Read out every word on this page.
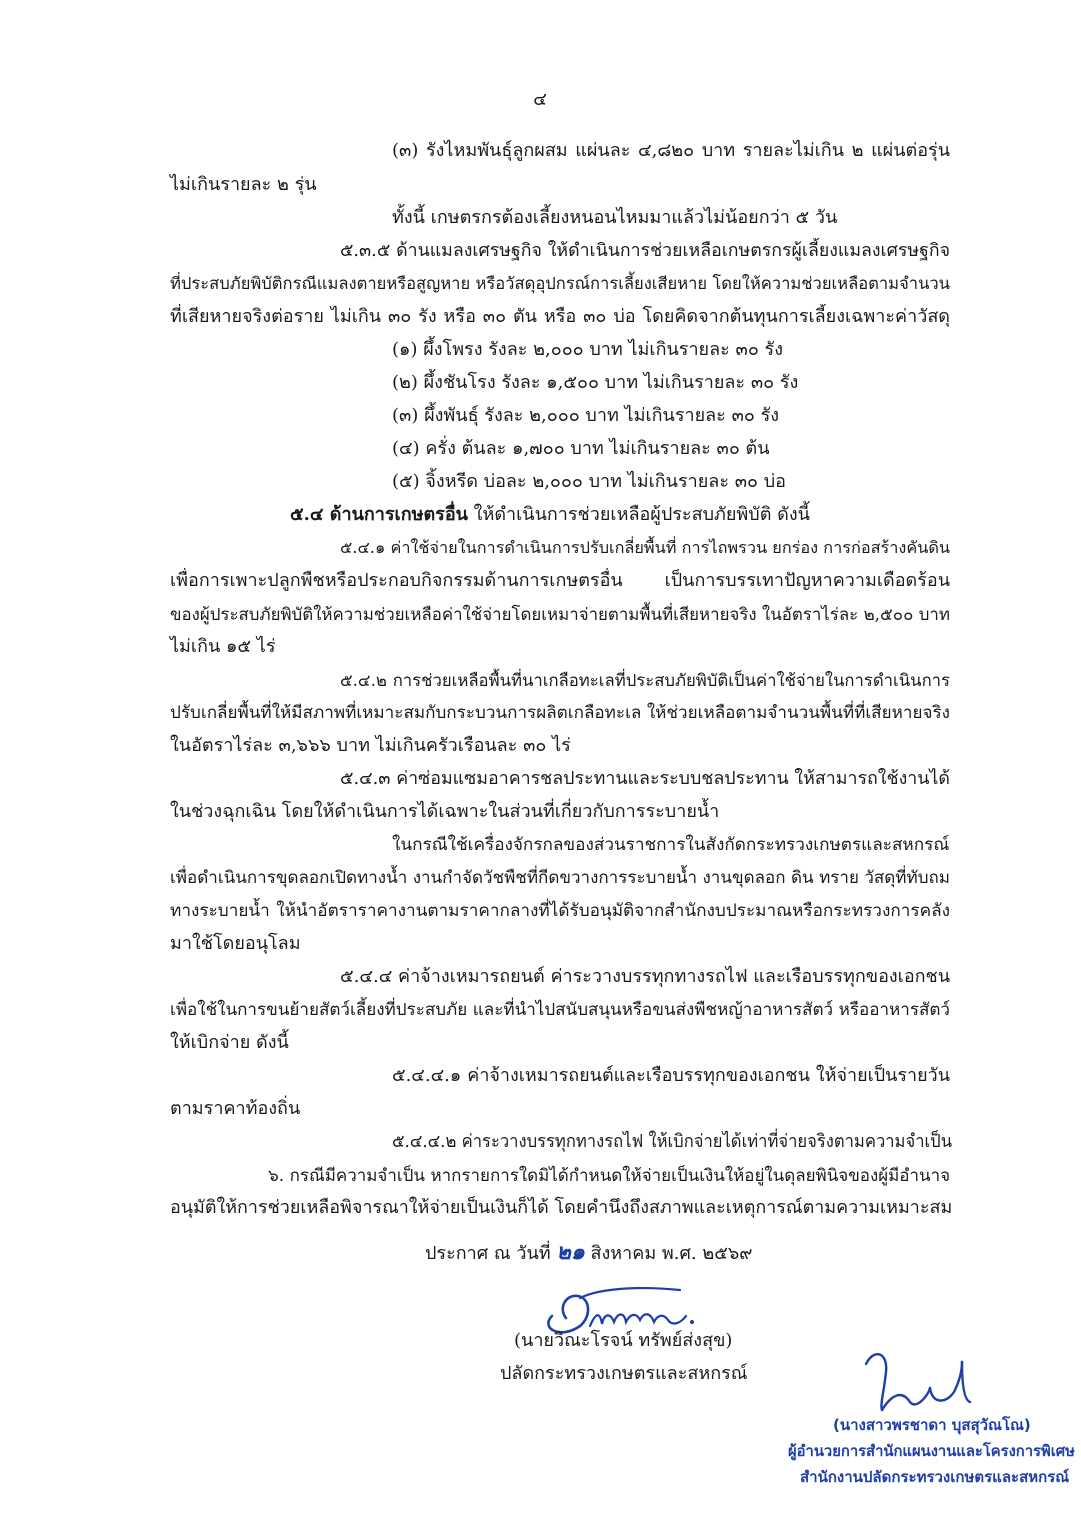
๔
(๓) รังไหมพันธุ์ลูกผสม แผ่นละ ๔,๘๒๐ บาท รายละไม่เกิน ๒ แผ่นต่อรุ่น
ไม่เกินรายละ ๒ รุ่น
ทั้งนี้ เกษตรกรต้องเลี้ยงหนอนไหมมาแล้วไม่น้อยกว่า ๕ วัน
๕.๓.๕ ด้านแมลงเศรษฐกิจ ให้ดำเนินการช่วยเหลือเกษตรกรผู้เลี้ยงแมลงเศรษฐกิจ
ที่ประสบภัยพิบัติกรณีแมลงตายหรือสูญหาย หรือวัสดุอุปกรณ์การเลี้ยงเสียหาย โดยให้ความช่วยเหลือตามจำนวน
ที่เสียหายจริงต่อราย ไม่เกิน ๓๐ รัง หรือ ๓๐ ตัน หรือ ๓๐ บ่อ โดยคิดจากต้นทุนการเลี้ยงเฉพาะค่าวัสดุ
(๑) ผึ้งโพรง รังละ ๒,๐๐๐ บาท ไม่เกินรายละ ๓๐ รัง
(๒) ผึ้งชันโรง รังละ ๑,๕๐๐ บาท ไม่เกินรายละ ๓๐ รัง
(๓) ผึ้งพันธุ์ รังละ ๒,๐๐๐ บาท ไม่เกินรายละ ๓๐ รัง
(๔) ครั่ง ต้นละ ๑,๗๐๐ บาท ไม่เกินรายละ ๓๐ ต้น
(๕) จิ้งหรีด บ่อละ ๒,๐๐๐ บาท ไม่เกินรายละ ๓๐ บ่อ
๕.๔ ด้านการเกษตรอื่น ให้ดำเนินการช่วยเหลือผู้ประสบภัยพิบัติ ดังนี้
๕.๔.๑ ค่าใช้จ่ายในการดำเนินการปรับเกลี่ยพื้นที่ การไถพรวน ยกร่อง การก่อสร้างคันดิน
เพื่อการเพาะปลูกพืชหรือประกอบกิจกรรมด้านการเกษตรอื่น เป็นการบรรเทาปัญหาความเดือดร้อน
ของผู้ประสบภัยพิบัติให้ความช่วยเหลือค่าใช้จ่ายโดยเหมาจ่ายตามพื้นที่เสียหายจริง ในอัตราไร่ละ ๒,๕๐๐ บาท
ไม่เกิน ๑๕ ไร่
๕.๔.๒ การช่วยเหลือพื้นที่นาเกลือทะเลที่ประสบภัยพิบัติเป็นค่าใช้จ่ายในการดำเนินการ
ปรับเกลี่ยพื้นที่ให้มีสภาพที่เหมาะสมกับกระบวนการผลิตเกลือทะเล ให้ช่วยเหลือตามจำนวนพื้นที่ที่เสียหายจริง
ในอัตราไร่ละ ๓,๖๖๖ บาท ไม่เกินครัวเรือนละ ๓๐ ไร่
๕.๔.๓ ค่าซ่อมแซมอาคารชลประทานและระบบชลประทาน ให้สามารถใช้งานได้
ในช่วงฉุกเฉิน โดยให้ดำเนินการได้เฉพาะในส่วนที่เกี่ยวกับการระบายน้ำ
ในกรณีใช้เครื่องจักรกลของส่วนราชการในสังกัดกระทรวงเกษตรและสหกรณ์
เพื่อดำเนินการขุดลอกเปิดทางน้ำ งานกำจัดวัชพืชที่กีดขวางการระบายน้ำ งานขุดลอก ดิน ทราย วัสดุที่ทับถม
ทางระบายน้ำ ให้นำอัตราราคางานตามราคากลางที่ได้รับอนุมัติจากสำนักงบประมาณหรือกระทรวงการคลัง
มาใช้โดยอนุโลม
๕.๔.๔ ค่าจ้างเหมารถยนต์ ค่าระวางบรรทุกทางรถไฟ และเรือบรรทุกของเอกชน
เพื่อใช้ในการขนย้ายสัตว์เลี้ยงที่ประสบภัย และที่นำไปสนับสนุนหรือขนส่งพืชหญ้าอาหารสัตว์ หรืออาหารสัตว์
ให้เบิกจ่าย ดังนี้
๕.๔.๔.๑ ค่าจ้างเหมารถยนต์และเรือบรรทุกของเอกชน ให้จ่ายเป็นรายวัน
ตามราคาท้องถิ่น
๕.๔.๔.๒ ค่าระวางบรรทุกทางรถไฟ ให้เบิกจ่ายได้เท่าที่จ่ายจริงตามความจำเป็น
๖. กรณีมีความจำเป็น หากรายการใดมิได้กำหนดให้จ่ายเป็นเงินให้อยู่ในดุลยพินิจของผู้มีอำนาจ
อนุมัติให้การช่วยเหลือพิจารณาให้จ่ายเป็นเงินก็ได้ โดยคำนึงถึงสภาพและเหตุการณ์ตามความเหมาะสม
ประกาศ ณ วันที่ ๒๑ สิงหาคม พ.ศ. ๒๕๖๙
(นายวิณะโรจน์ ทรัพย์ส่งสุข)
ปลัดกระทรวงเกษตรและสหกรณ์
(นางสาวพรชาดา บุสสุวัณโณ)
ผู้อำนวยการสำนักแผนงานและโครงการพิเศษ
สำนักงานปลัดกระทรวงเกษตรและสหกรณ์
